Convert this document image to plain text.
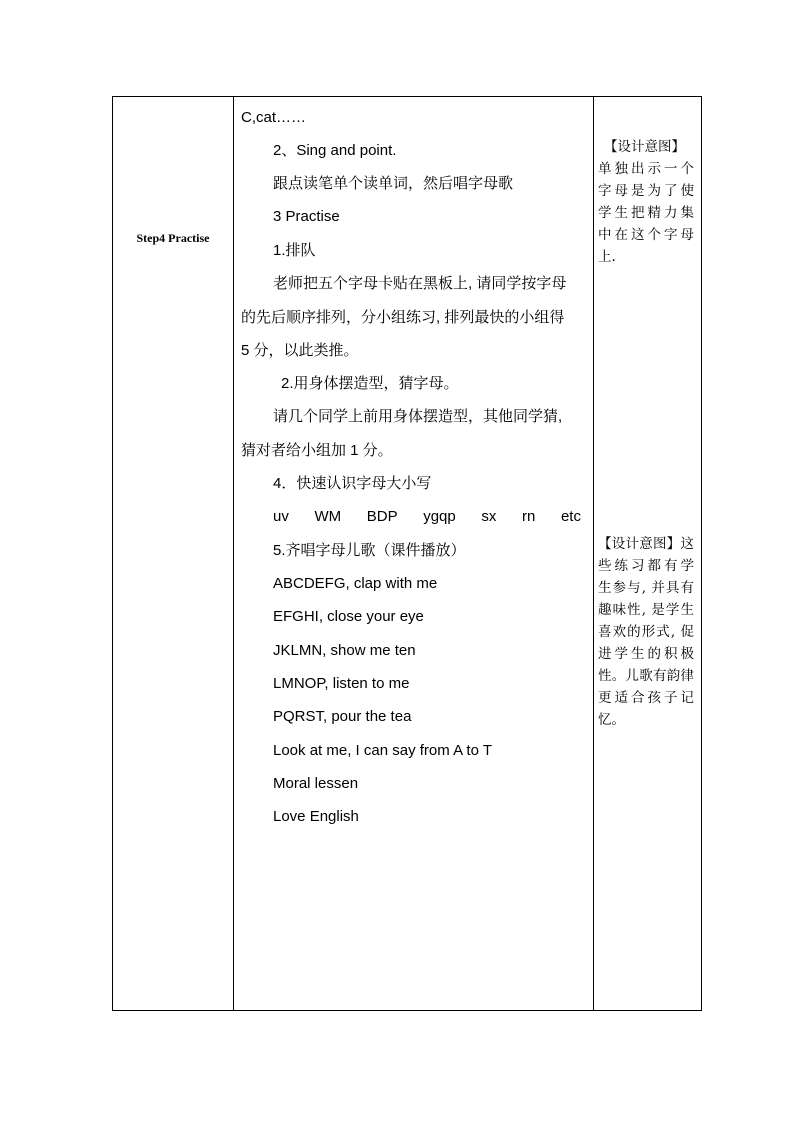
Step4 Practise
C,cat……
2、Sing and point.
跟点读笔单个读单词，然后唱字母歌
3 Practise
1.排队
老师把五个字母卡贴在黑板上, 请同学按字母
的先后顺序排列，分小组练习, 排列最快的小组得
5 分，以此类推。
2.用身体摆造型，猜字母。
请几个同学上前用身体摆造型，其他同学猜,
猜对者给小组加 1 分。
4．快速认识字母大小写
uv WM BDP ygqp sx rn etc
5.齐唱字母儿歌（课件播放）
ABCDEFG, clap with me
EFGHI, close your eye
JKLMN, show me ten
LMNOP, listen to me
PQRST, pour the tea
Look at me, I can say from A to T
Moral lessen
Love English
【设计意图】
单独出示一个
字母是为了使
学生把精力集
中在这个字母
上.
【设计意图】这
些练习都有学
生参与, 并具有
趣味性, 是学生
喜欢的形式, 促
进学生的积极
性。儿歌有韵律
更适合孩子记
忆。
